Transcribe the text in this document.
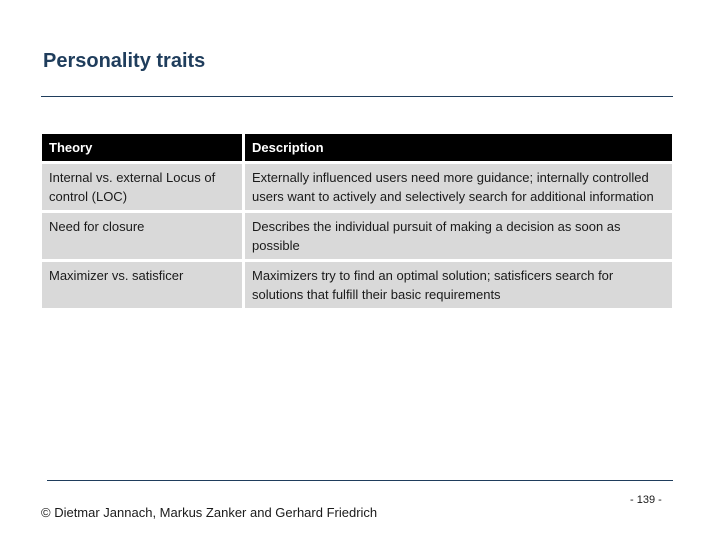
Personality traits
Theory	Description
Internal vs. external Locus of control (LOC)	Externally influenced users need more guidance; internally controlled users want to actively and selectively search for additional information
Need for closure	Describes the individual pursuit of making a decision as soon as possible
Maximizer vs. satisficer	Maximizers try to find an optimal solution; satisficers search for solutions that fulfill their basic requirements
© Dietmar Jannach, Markus Zanker and Gerhard Friedrich
- 139 -
